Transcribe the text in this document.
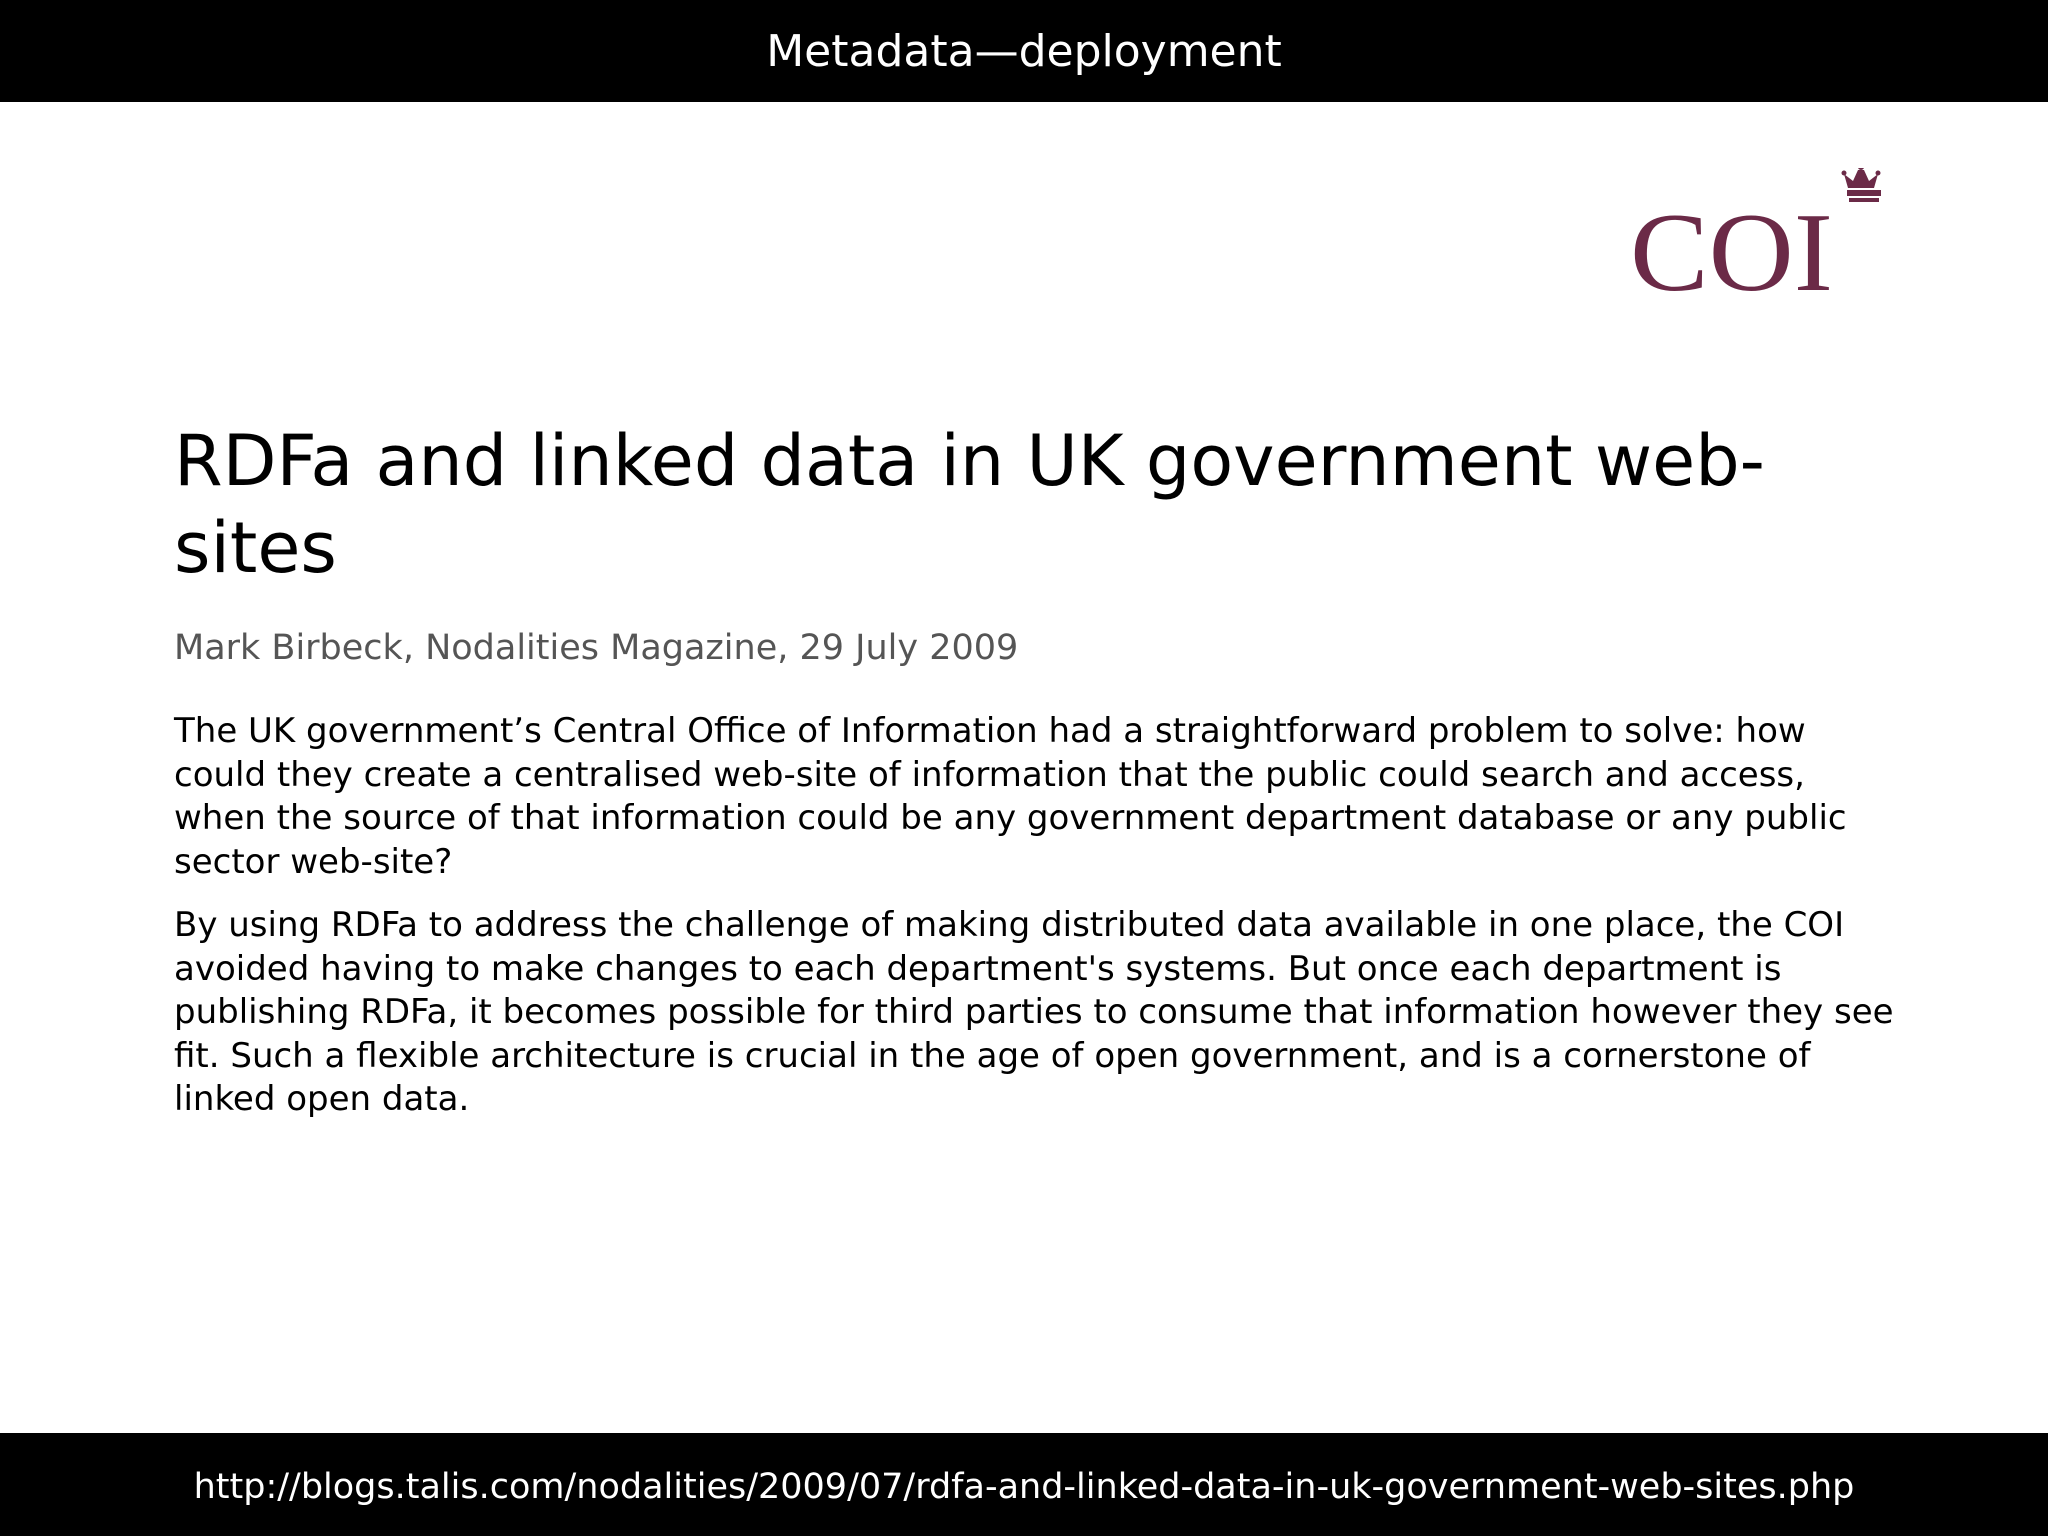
Metadata—deployment
COI
RDFa and linked data in UK government web-sites
Mark Birbeck, Nodalities Magazine, 29 July 2009

The UK government’s Central Office of Information had a straightforward problem to solve: how could they create a centralised web-site of information that the public could search and access, when the source of that information could be any government department database or any public sector web-site?

By using RDFa to address the challenge of making distributed data available in one place, the COI avoided having to make changes to each department's systems. But once each department is publishing RDFa, it becomes possible for third parties to consume that information however they see fit. Such a flexible architecture is crucial in the age of open government, and is a cornerstone of linked open data.

http://blogs.talis.com/nodalities/2009/07/rdfa-and-linked-data-in-uk-government-web-sites.php
